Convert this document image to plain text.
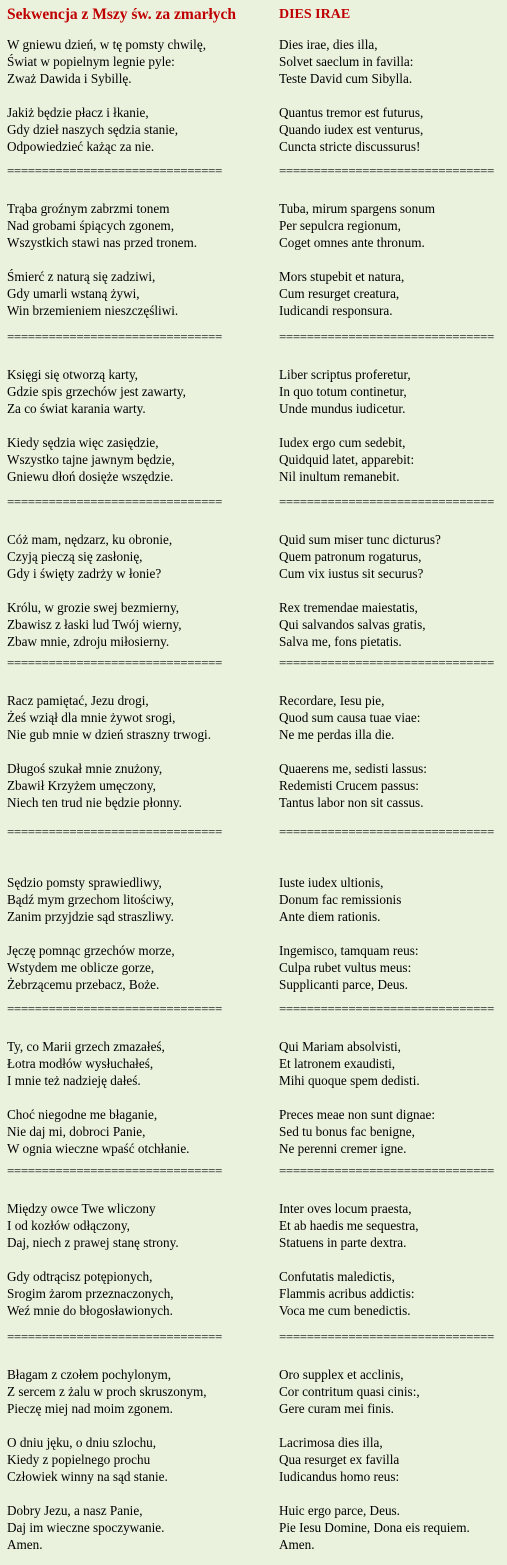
Sekwencja z Mszy św. za zmarłych
W gniewu dzień, w tę pomsty chwilę,
Świat w popielnym legnie pyle:
Zważ Dawida i Sybillę.
Jakiż będzie płacz i łkanie,
Gdy dzieł naszych sędzia stanie,
Odpowiedzieć każąc za nie.
===============================
Trąba groźnym zabrzmi tonem
Nad grobami śpiących zgonem,
Wszystkich stawi nas przed tronem.
Śmierć z naturą się zadziwi,
Gdy umarli wstaną żywi,
Win brzemieniem nieszczęśliwi.
===============================
Księgi się otworzą karty,
Gdzie spis grzechów jest zawarty,
Za co świat karania warty.
Kiedy sędzia więc zasiędzie,
Wszystko tajne jawnym będzie,
Gniewu dłoń dosięże wszędzie.
===============================
Cóż mam, nędzarz, ku obronie,
Czyją pieczą się zasłonię,
Gdy i święty zadrży w łonie?
Królu, w grozie swej bezmierny,
Zbawisz z łaski lud Twój wierny,
Zbaw mnie, zdroju miłosierny.
===============================
Racz pamiętać, Jezu drogi,
Żeś wziął dla mnie żywot srogi,
Nie gub mnie w dzień straszny trwogi.
Długoś szukał mnie znużony,
Zbawił Krzyżem umęczony,
Niech ten trud nie będzie płonny.
===============================
Sędzio pomsty sprawiedliwy,
Bądź mym grzechom litościwy,
Zanim przyjdzie sąd straszliwy.
Jęczę pomnąc grzechów morze,
Wstydem me oblicze gorze,
Żebrzącemu przebacz, Boże.
===============================
Ty, co Marii grzech zmazałeś,
Łotra modłów wysłuchałeś,
I mnie też nadzieję dałeś.
Choć niegodne me błaganie,
Nie daj mi, dobroci Panie,
W ognia wieczne wpaść otchłanie.
===============================
Między owce Twe wliczony
I od kozłów odłączony,
Daj, niech z prawej stanę strony.
Gdy odtrącisz potępionych,
Srogim żarom przeznaczonych,
Weź mnie do błogosławionych.
===============================
Błagam z czołem pochylonym,
Z sercem z żalu w proch skruszonym,
Pieczę miej nad moim zgonem.
O dniu jęku, o dniu szlochu,
Kiedy z popielnego prochu
Człowiek winny na sąd stanie.
Dobry Jezu, a nasz Panie,
Daj im wieczne spoczywanie.
Amen.
DIES IRAE
Dies irae, dies illa,
Solvet saeclum in favilla:
Teste David cum Sibylla.
Quantus tremor est futurus,
Quando iudex est venturus,
Cuncta stricte discussurus!
===============================
Tuba, mirum spargens sonum
Per sepulcra regionum,
Coget omnes ante thronum.
Mors stupebit et natura,
Cum resurget creatura,
Iudicandi responsura.
===============================
Liber scriptus proferetur,
In quo totum continetur,
Unde mundus iudicetur.
Iudex ergo cum sedebit,
Quidquid latet, apparebit:
Nil inultum remanebit.
===============================
Quid sum miser tunc dicturus?
Quem patronum rogaturus,
Cum vix iustus sit securus?
Rex tremendae maiestatis,
Qui salvandos salvas gratis,
Salva me, fons pietatis.
===============================
Recordare, Iesu pie,
Quod sum causa tuae viae:
Ne me perdas illa die.
Quaerens me, sedisti lassus:
Redemisti Crucem passus:
Tantus labor non sit cassus.
===============================
Iuste iudex ultionis,
Donum fac remissionis
Ante diem rationis.
Ingemisco, tamquam reus:
Culpa rubet vultus meus:
Supplicanti parce, Deus.
===============================
Qui Mariam absolvisti,
Et latronem exaudisti,
Mihi quoque spem dedisti.
Preces meae non sunt dignae:
Sed tu bonus fac benigne,
Ne perenni cremer igne.
===============================
Inter oves locum praesta,
Et ab haedis me sequestra,
Statuens in parte dextra.
Confutatis maledictis,
Flammis acribus addictis:
Voca me cum benedictis.
===============================
Oro supplex et acclinis,
Cor contritum quasi cinis:,
Gere curam mei finis.
Lacrimosa dies illa,
Qua resurget ex favilla
Iudicandus homo reus:
Huic ergo parce, Deus.
Pie Iesu Domine, Dona eis requiem.
Amen.
